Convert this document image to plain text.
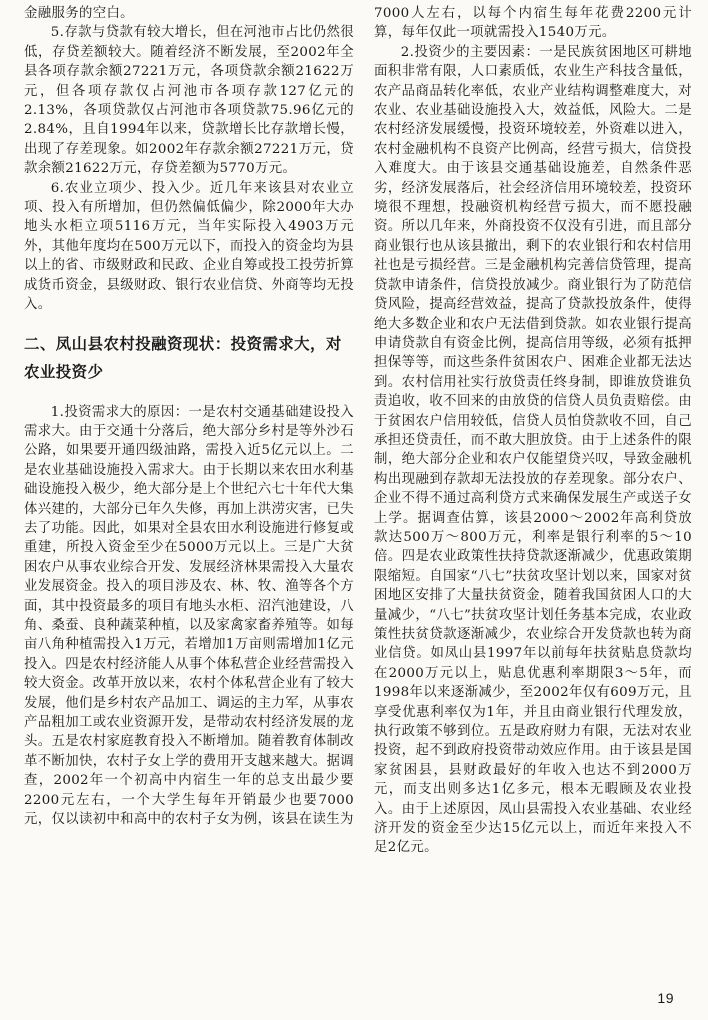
金融服务的空白。

5.存款与贷款有较大增长，但在河池市占比仍然很低，存贷差额较大。随着经济不断发展，至2002年全县各项存款余额27221万元，各项贷款余额21622万元，但各项存款仅占河池市各项存款127亿元的2.13%，各项贷款仅占河池市各项贷款75.96亿元的2.84%，且自1994年以来，贷款增长比存款增长慢，出现了存差现象。如2002年存款余额27221万元，贷款余额21622万元，存贷差额为5770万元。

6.农业立项少、投入少。近几年来该县对农业立项、投入有所增加，但仍然偏低偏少，除2000年大办地头水柜立项5116万元，当年实际投入4903万元外，其他年度均在500万元以下，而投入的资金均为县以上的省、市级财政和民政、企业自筹或投工投劳折算成货币资金，县级财政、银行农业信贷、外商等均无投入。

二、凤山县农村投融资现状：投资需求大，对农业投资少

1.投资需求大的原因：一是农村交通基础建设投入需求大。由于交通十分落后，绝大部分乡村是等外沙石公路，如果要开通四级油路，需投入近5亿元以上。二是农业基础设施投入需求大。由于长期以来农田水利基础设施投入极少，绝大部分是上个世纪六七十年代大集体兴建的，大部分已年久失修，再加上洪涝灾害，已失去了功能。因此，如果对全县农田水利设施进行修复或重建，所投入资金至少在5000万元以上。三是广大贫困农户从事农业综合开发、发展经济林果需投入大量农业发展资金。投入的项目涉及农、林、牧、渔等各个方面，其中投资最多的项目有地头水柜、沼汽池建设，八角、桑蚕、良种蔬菜种植，以及家禽家畜养殖等。如每亩八角种植需投入1万元，若增加1万亩则需增加1亿元投入。四是农村经济能人从事个体私营企业经营需投入较大资金。改革开放以来，农村个体私营企业有了较大发展，他们是乡村农产品加工、调运的主力军，从事农产品粗加工或农业资源开发，是带动农村经济发展的龙头。五是农村家庭教育投入不断增加。随着教育体制改革不断加快，农村子女上学的费用开支越来越大。据调查，2002年一个初高中内宿生一年的总支出最少要2200元左右，一个大学生每年开销最少也要7000元，仅以读初中和高中的农村子女为例，该县在读生为

7000人左右，以每个内宿生每年花费2200元计算，每年仅此一项就需投入1540万元。

2.投资少的主要因素：一是民族贫困地区可耕地面积非常有限，人口素质低，农业生产科技含量低，农产品商品转化率低，农业产业结构调整难度大，对农业、农业基础设施投入大，效益低，风险大。二是农村经济发展缓慢，投资环境较差，外资难以进入，农村金融机构不良资产比例高，经营亏损大，信贷投入难度大。由于该县交通基础设施差，自然条件恶劣，经济发展落后，社会经济信用环境较差，投资环境很不理想，投融资机构经营亏损大，而不愿投融资。所以几年来，外商投资不仅没有引进，而且部分商业银行也从该县撤出，剩下的农业银行和农村信用社也是亏损经营。三是金融机构完善信贷管理，提高贷款申请条件，信贷投放减少。商业银行为了防范信贷风险，提高经营效益，提高了贷款投放条件，使得绝大多数企业和农户无法借到贷款。如农业银行提高申请贷款自有资金比例，提高信用等级，必须有抵押担保等等，而这些条件贫困农户、困难企业都无法达到。农村信用社实行放贷责任终身制，即谁放贷谁负责追收，收不回来的由放贷的信贷人员负责赔偿。由于贫困农户信用较低，信贷人员怕贷款收不回，自己承担还贷责任，而不敢大胆放贷。由于上述条件的限制，绝大部分企业和农户仅能望贷兴叹，导致金融机构出现融到存款却无法投放的存差现象。部分农户、企业不得不通过高利贷方式来确保发展生产或送子女上学。据调查估算，该县2000～2002年高利贷放款达500万～800万元，利率是银行利率的5～10倍。四是农业政策性扶持贷款逐渐减少，优惠政策期限缩短。自国家“八七”扶贫攻坚计划以来，国家对贫困地区安排了大量扶贫资金，随着我国贫困人口的大量减少，“八七”扶贫攻坚计划任务基本完成，农业政策性扶贫贷款逐渐减少，农业综合开发贷款也转为商业信贷。如凤山县1997年以前每年扶贫贴息贷款均在2000万元以上，贴息优惠利率期限3～5年，而1998年以来逐渐减少，至2002年仅有609万元，且享受优惠利率仅为1年，并且由商业银行代理发放，执行政策不够到位。五是政府财力有限，无法对农业投资，起不到政府投资带动效应作用。由于该县是国家贫困县，县财政最好的年收入也达不到2000万元，而支出则多达1亿多元，根本无暇顾及农业投入。由于上述原因，凤山县需投入农业基础、农业经济开发的资金至少达15亿元以上，而近年来投入不足2亿元。

19
